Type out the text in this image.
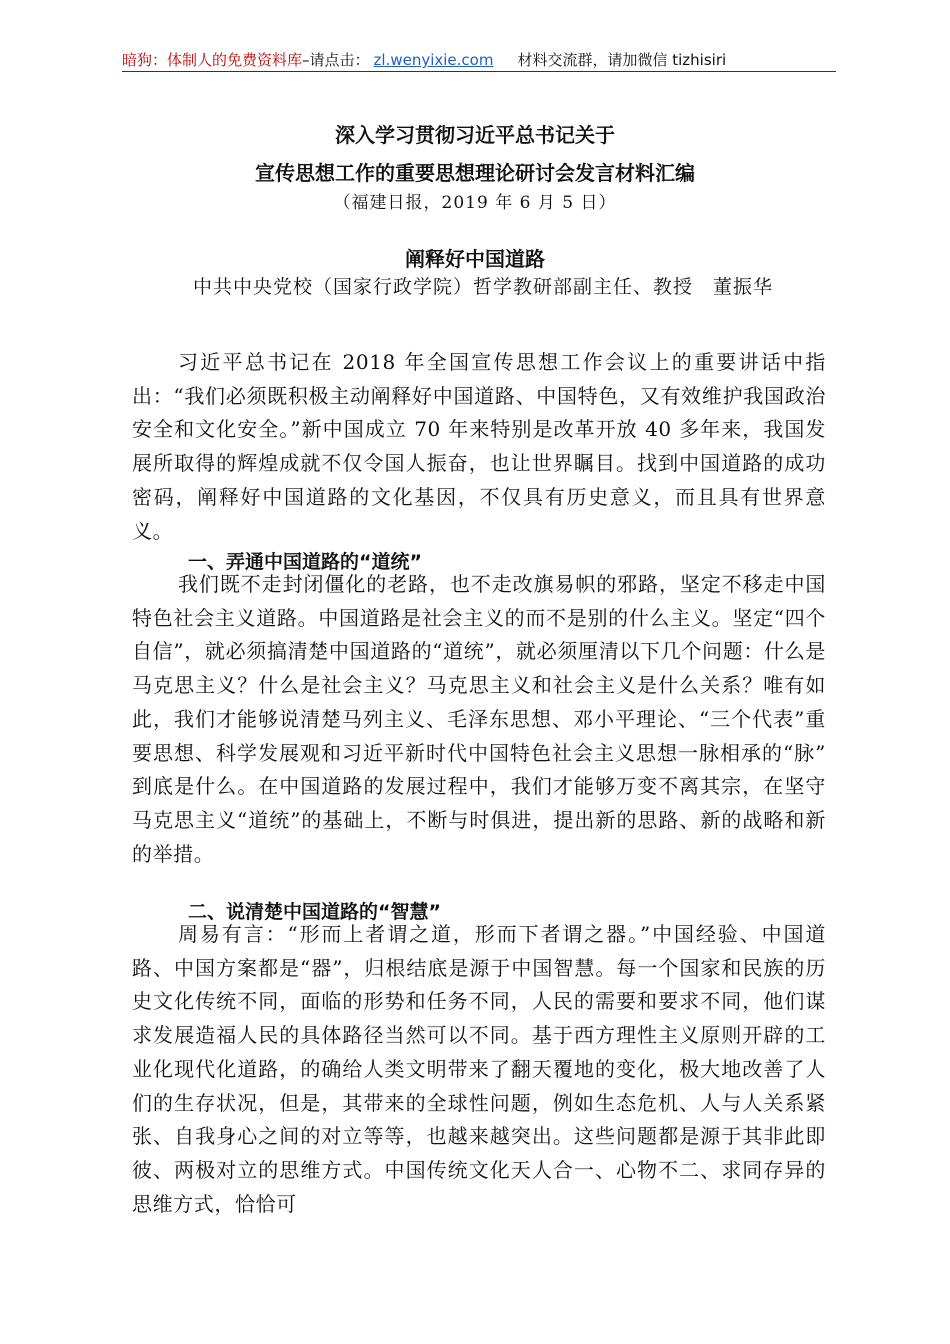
暗狗：体制人的免费资料库–请点击： zl.wenyixie.com 材料交流群，请加微信 tizhisiri
深入学习贯彻习近平总书记关于
宣传思想工作的重要思想理论研讨会发言材料汇编
（福建日报，2019 年 6 月 5 日）
阐释好中国道路
中共中央党校（国家行政学院）哲学教研部副主任、教授　董振华

习近平总书记在 2018 年全国宣传思想工作会议上的重要讲话中指出：“我们必须既积极主动阐释好中国道路、中国特色，又有效维护我国政治安全和文化安全。”新中国成立 70 年来特别是改革开放 40 多年来，我国发展所取得的辉煌成就不仅令国人振奋，也让世界瞩目。找到中国道路的成功密码，阐释好中国道路的文化基因，不仅具有历史意义，而且具有世界意义。

一、弄通中国道路的“道统”

我们既不走封闭僵化的老路，也不走改旗易帜的邪路，坚定不移走中国特色社会主义道路。中国道路是社会主义的而不是别的什么主义。坚定“四个自信”，就必须搞清楚中国道路的“道统”，就必须厘清以下几个问题：什么是马克思主义？什么是社会主义？马克思主义和社会主义是什么关系？唯有如此，我们才能够说清楚马列主义、毛泽东思想、邓小平理论、“三个代表”重要思想、科学发展观和习近平新时代中国特色社会主义思想一脉相承的“脉” 到底是什么。在中国道路的发展过程中，我们才能够万变不离其宗，在坚守马克思主义“道统”的基础上，不断与时俱进，提出新的思路、新的战略和新的举措。

二、说清楚中国道路的“智慧”

周易有言：“形而上者谓之道，形而下者谓之器。”中国经验、中国道路、中国方案都是“器”，归根结底是源于中国智慧。每一个国家和民族的历史文化传统不同，面临的形势和任务不同，人民的需要和要求不同，他们谋求发展造福人民的具体路径当然可以不同。基于西方理性主义原则开辟的工业化现代化道路，的确给人类文明带来了翻天覆地的变化，极大地改善了人们的生存状况，但是，其带来的全球性问题，例如生态危机、人与人关系紧张、自我身心之间的对立等等，也越来越突出。这些问题都是源于其非此即彼、两极对立的思维方式。中国传统文化天人合一、心物不二、求同存异的思维方式，恰恰可
